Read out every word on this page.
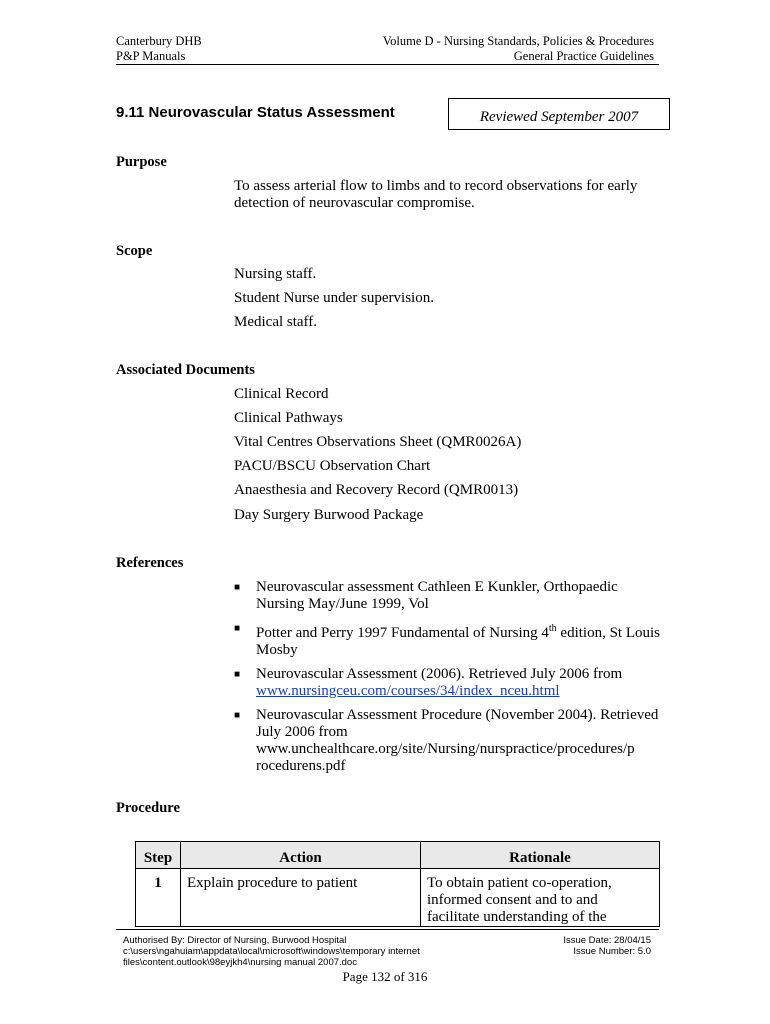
Canterbury DHB
P&P Manuals
Volume D - Nursing Standards, Policies & Procedures
General Practice Guidelines
9.11 Neurovascular Status Assessment	Reviewed September 2007
Purpose
To assess arterial flow to limbs and to record observations for early detection of neurovascular compromise.
Scope
Nursing staff.
Student Nurse under supervision.
Medical staff.
Associated Documents
Clinical Record
Clinical Pathways
Vital Centres Observations Sheet (QMR0026A)
PACU/BSCU Observation Chart
Anaesthesia and Recovery Record (QMR0013)
Day Surgery Burwood Package
References
■ Neurovascular assessment Cathleen E Kunkler, Orthopaedic Nursing May/June 1999, Vol
■ Potter and Perry 1997 Fundamental of Nursing 4th edition, St Louis Mosby
■ Neurovascular Assessment (2006). Retrieved July 2006 from
www.nursingceu.com/courses/34/index_nceu.html
■ Neurovascular Assessment Procedure (November 2004). Retrieved July 2006 from www.unchealthcare.org/site/Nursing/nurspractice/procedures/p rocedurens.pdf
Procedure
Step	Action	Rationale
1	Explain procedure to patient	To obtain patient co-operation, informed consent and to and facilitate understanding of the
Authorised By: Director of Nursing, Burwood Hospital
c:\users\ngahuiam\appdata\local\microsoft\windows\temporary internet
files\content.outlook\98eyjkh4\nursing manual 2007.doc
Issue Date: 28/04/15
Issue Number: 5.0
Page 132 of 316
